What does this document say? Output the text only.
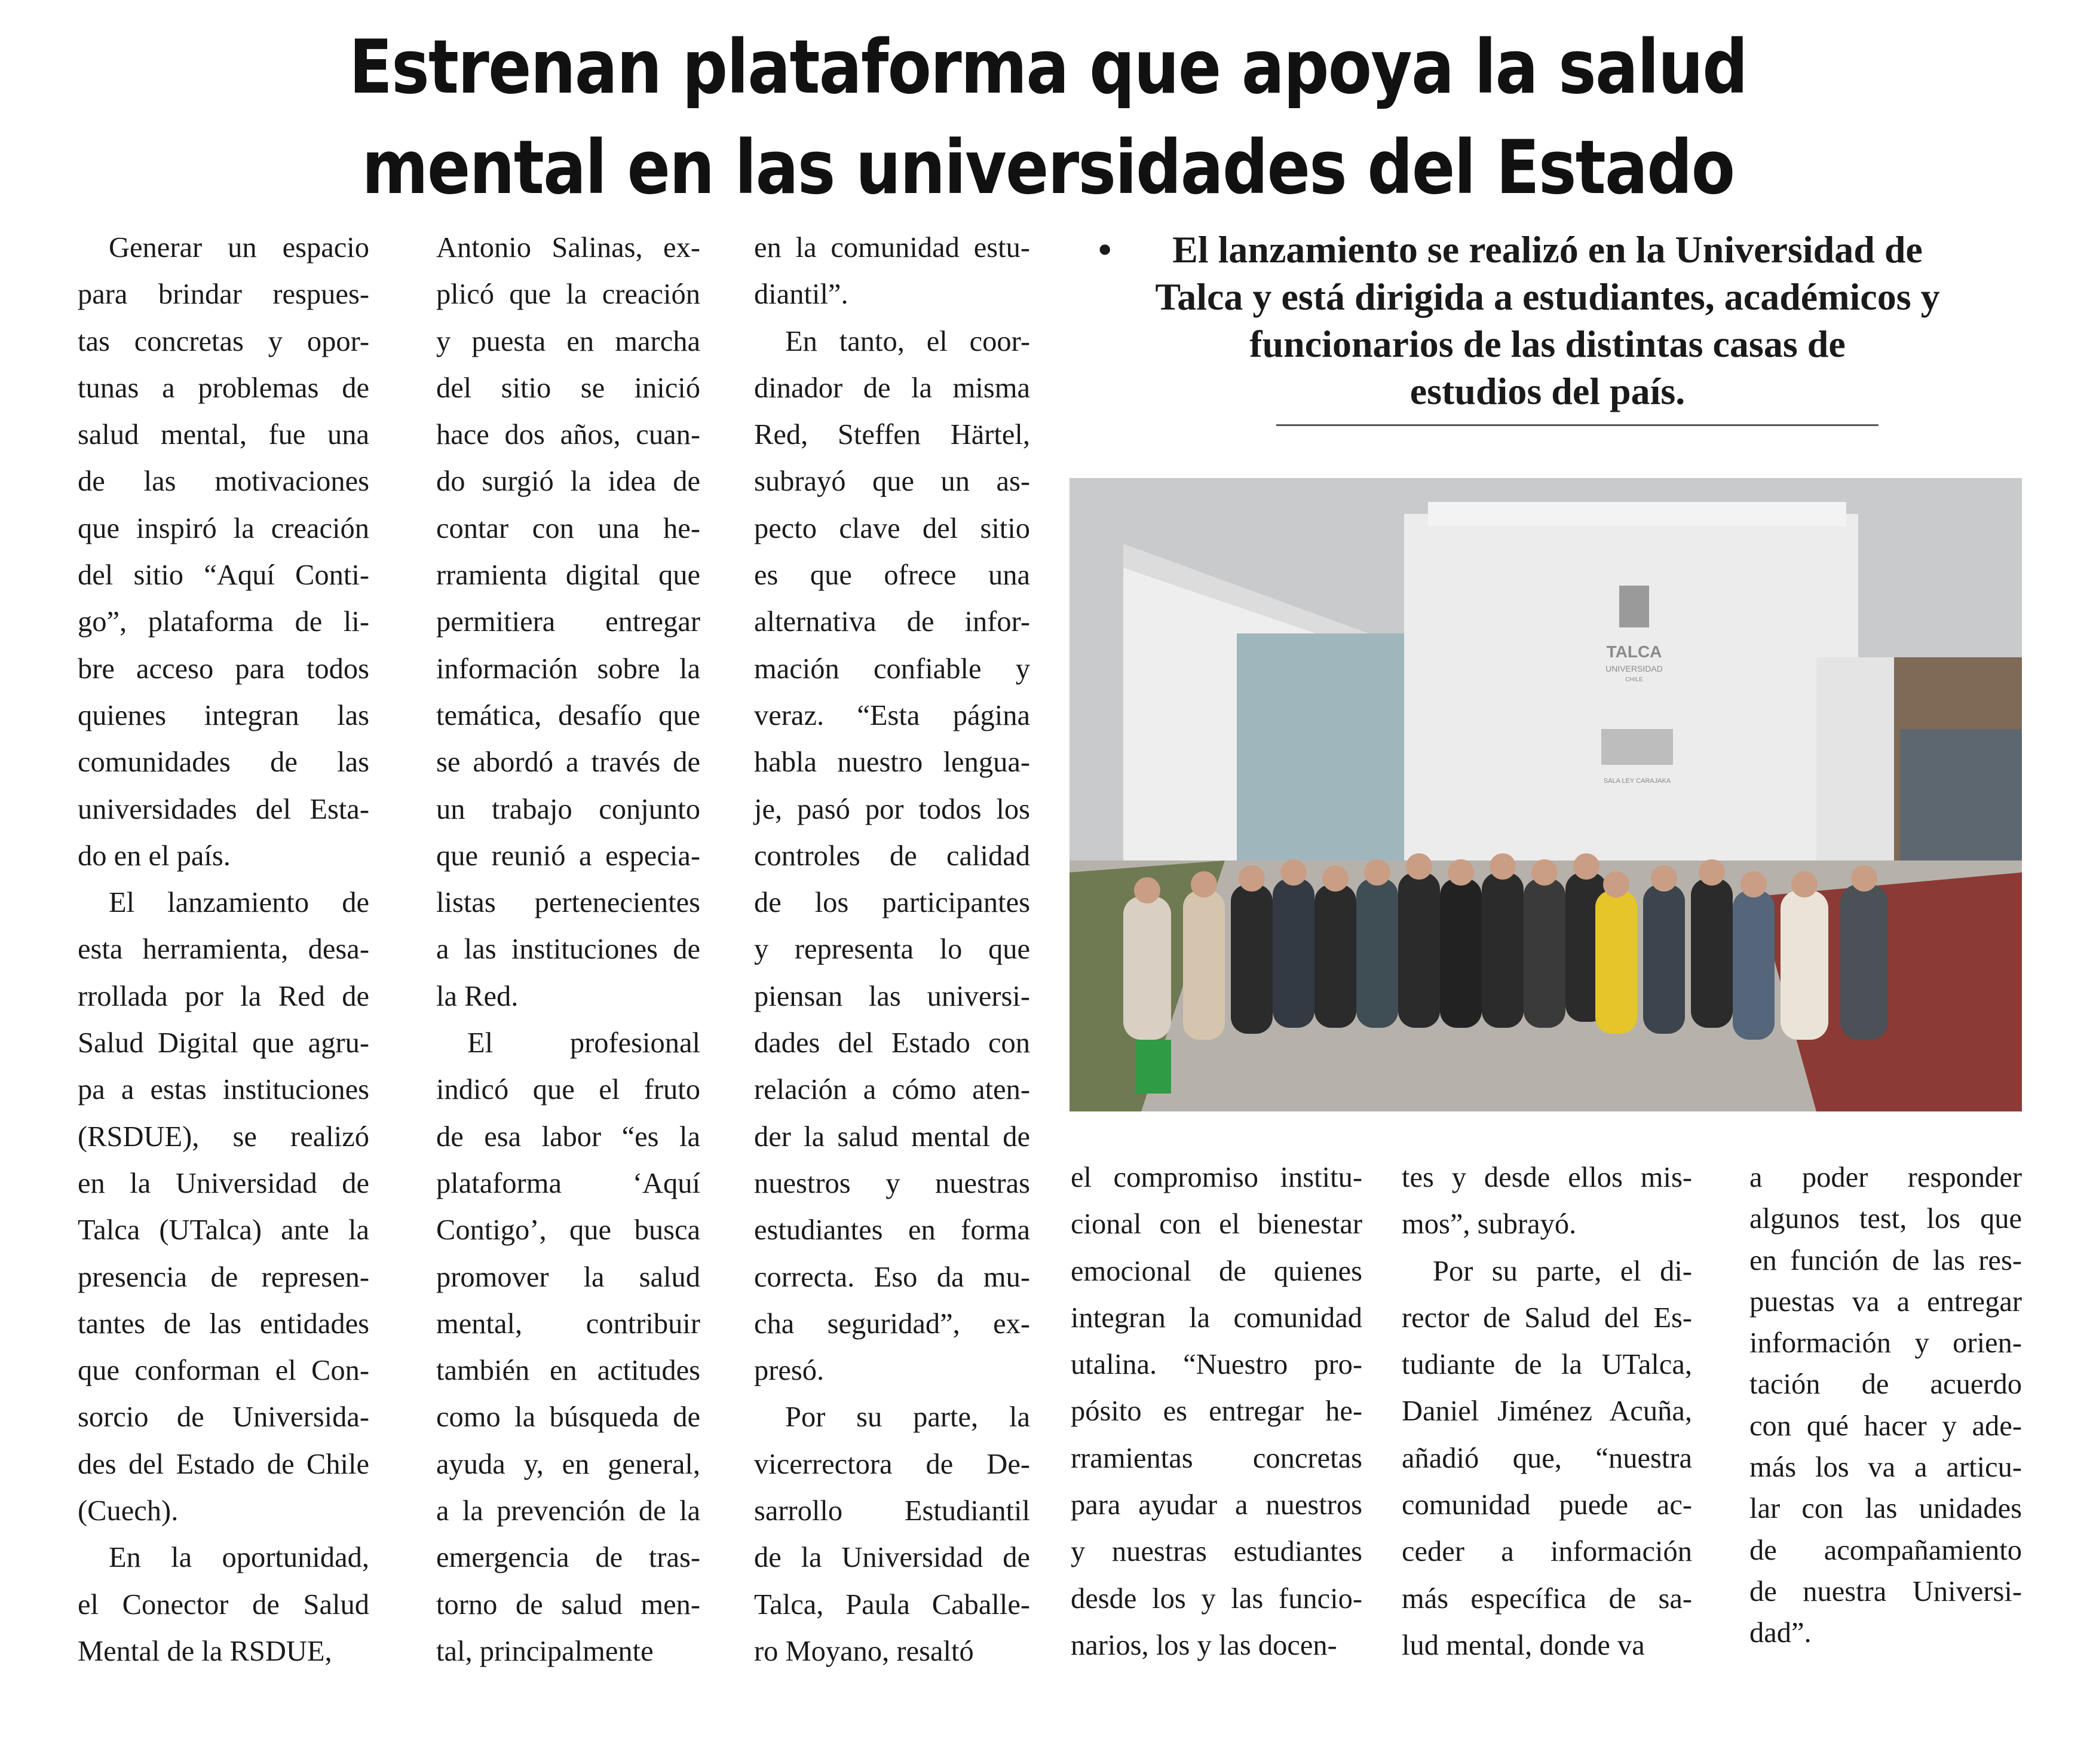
Estrenan plataforma que apoya la salud
mental en las universidades del Estado
•	El lanzamiento se realizó en la Universidad de
Talca y está dirigida a estudiantes, académicos y
funcionarios de las distintas casas de
estudios del país.
TALCA
UNIVERSIDAD
CHILE
SALA LEY CARAJAKA
Generar un espacio
para brindar respues-
tas concretas y opor-
tunas a problemas de
salud mental, fue una
de las motivaciones
que inspiró la creación
del sitio “Aquí Conti-
go”, plataforma de li-
bre acceso para todos
quienes integran las
comunidades de las
universidades del Esta-
do en el país.
El lanzamiento de
esta herramienta, desa-
rrollada por la Red de
Salud Digital que agru-
pa a estas instituciones
(RSDUE), se realizó
en la Universidad de
Talca (UTalca) ante la
presencia de represen-
tantes de las entidades
que conforman el Con-
sorcio de Universida-
des del Estado de Chile
(Cuech).
En la oportunidad,
el Conector de Salud
Mental de la RSDUE,
Antonio Salinas, ex-
plicó que la creación
y puesta en marcha
del sitio se inició
hace dos años, cuan-
do surgió la idea de
contar con una he-
rramienta digital que
permitiera entregar
información sobre la
temática, desafío que
se abordó a través de
un trabajo conjunto
que reunió a especia-
listas pertenecientes
a las instituciones de
la Red.
El profesional
indicó que el fruto
de esa labor “es la
plataforma ‘Aquí
Contigo’, que busca
promover la salud
mental, contribuir
también en actitudes
como la búsqueda de
ayuda y, en general,
a la prevención de la
emergencia de tras-
torno de salud men-
tal, principalmente
en la comunidad estu-
diantil”.
En tanto, el coor-
dinador de la misma
Red, Steffen Härtel,
subrayó que un as-
pecto clave del sitio
es que ofrece una
alternativa de infor-
mación confiable y
veraz. “Esta página
habla nuestro lengua-
je, pasó por todos los
controles de calidad
de los participantes
y representa lo que
piensan las universi-
dades del Estado con
relación a cómo aten-
der la salud mental de
nuestros y nuestras
estudiantes en forma
correcta. Eso da mu-
cha seguridad”, ex-
presó.
Por su parte, la
vicerrectora de De-
sarrollo Estudiantil
de la Universidad de
Talca, Paula Caballe-
ro Moyano, resaltó
el compromiso institu-
cional con el bienestar
emocional de quienes
integran la comunidad
utalina. “Nuestro pro-
pósito es entregar he-
rramientas concretas
para ayudar a nuestros
y nuestras estudiantes
desde los y las funcio-
narios, los y las docen-
tes y desde ellos mis-
mos”, subrayó.
Por su parte, el di-
rector de Salud del Es-
tudiante de la UTalca,
Daniel Jiménez Acuña,
añadió que, “nuestra
comunidad puede ac-
ceder a información
más específica de sa-
lud mental, donde va
a poder responder
algunos test, los que
en función de las res-
puestas va a entregar
información y orien-
tación de acuerdo
con qué hacer y ade-
más los va a articu-
lar con las unidades
de acompañamiento
de nuestra Universi-
dad”.
